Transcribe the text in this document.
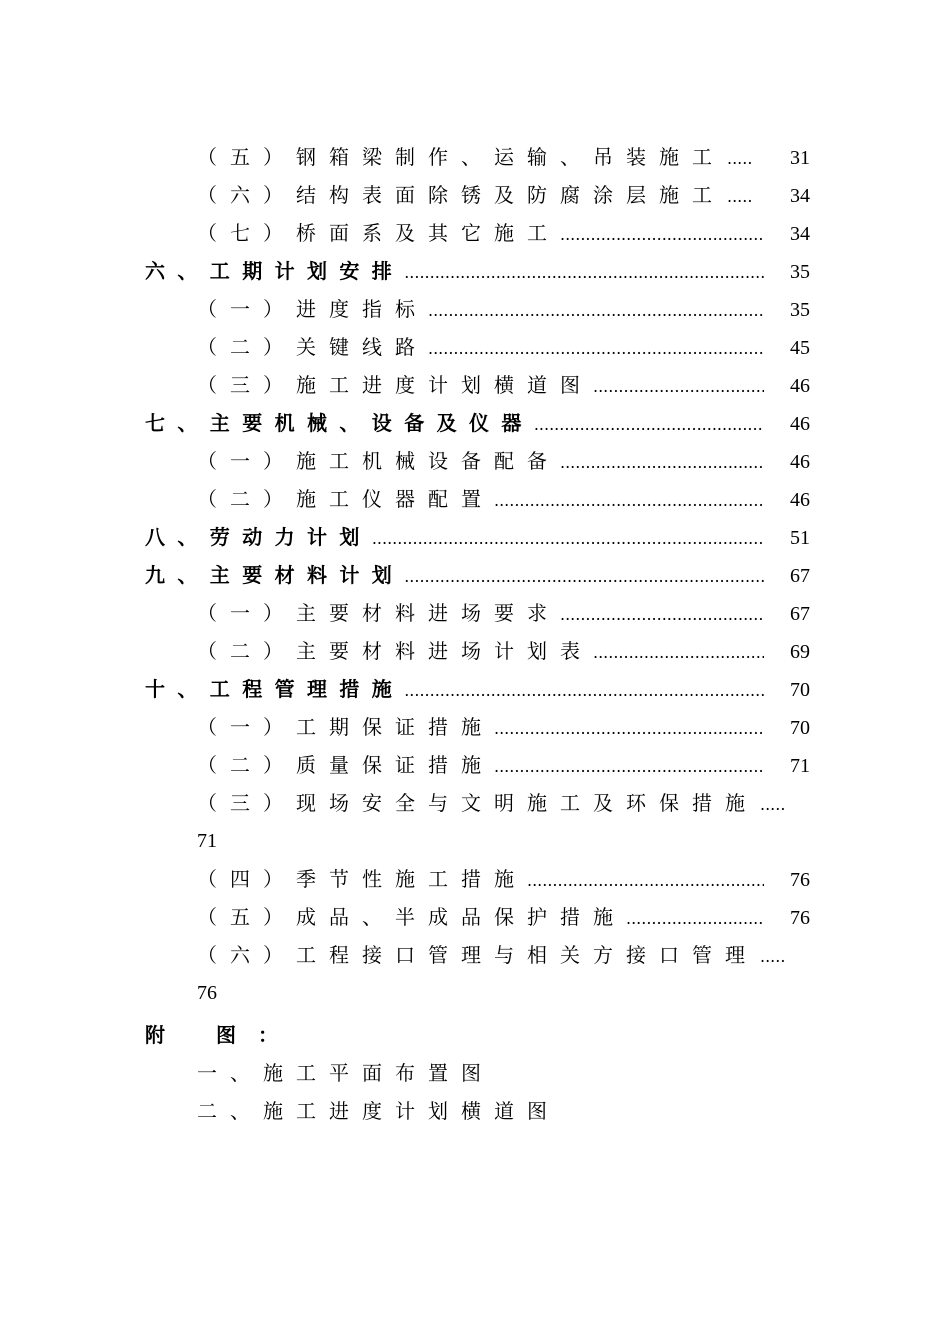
（五）钢箱梁制作、运输、吊装施工 .....	31
（六）结构表面除锈及防腐涂层施工 .....	34
（七）桥面系及其它施工 .....	34
六、工期计划安排 .....	35
（一）进度指标 .....	35
（二）关键线路 .....	45
（三）施工进度计划横道图 .....	46
七、主要机械、设备及仪器 .....	46
（一）施工机械设备配备 .....	46
（二）施工仪器配置 .....	46
八、劳动力计划 .....	51
九、主要材料计划 .....	67
（一）主要材料进场要求 .....	67
（二）主要材料进场计划表 .....	69
十、工程管理措施 .....	70
（一）工期保证措施 .....	70
（二）质量保证措施 .....	71
（三）现场安全与文明施工及环保措施 .....
71
（四）季节性施工措施 .....	76
（五）成品、半成品保护措施 .....	76
（六）工程接口管理与相关方接口管理 .....
76
附 图：
一、施工平面布置图
二、施工进度计划横道图
